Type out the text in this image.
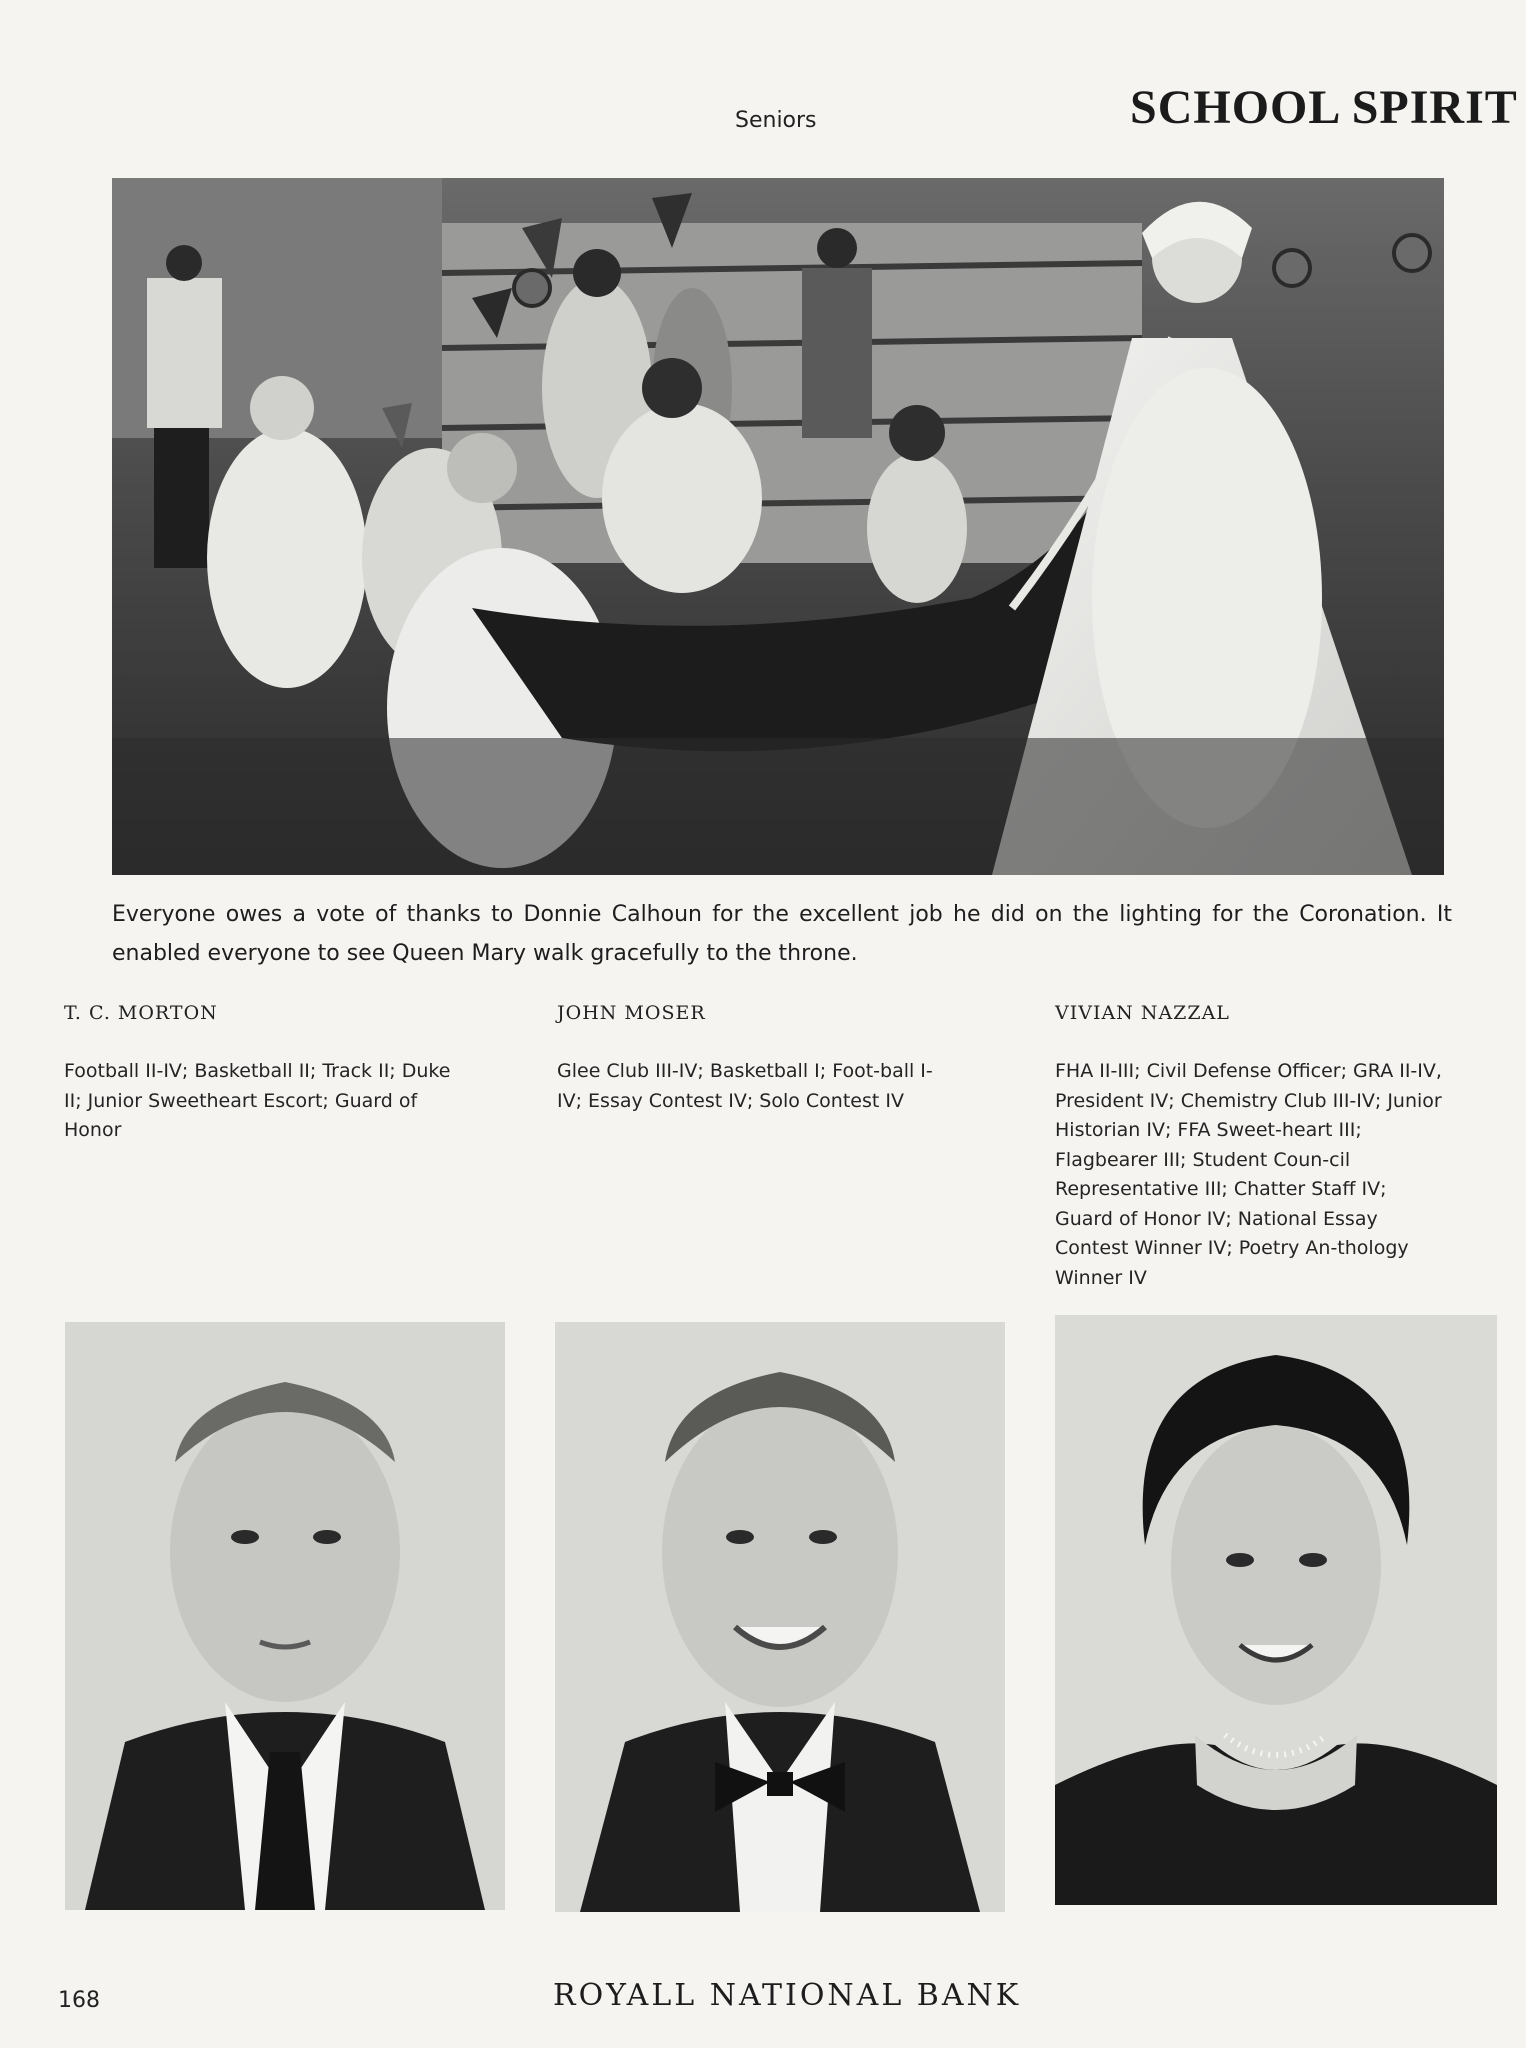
Seniors	SCHOOL SPIRIT
Everyone owes a vote of thanks to Donnie Calhoun for the excellent job he did on the lighting for the Coronation. It enabled everyone to see Queen Mary walk gracefully to the throne.
T. C. MORTON
Football II-IV; Basketball II; Track II; Duke II; Junior Sweetheart Escort; Guard of Honor
JOHN MOSER
Glee Club III-IV; Basketball I; Foot-ball I-IV; Essay Contest IV; Solo Contest IV
VIVIAN NAZZAL
FHA II-III; Civil Defense Officer; GRA II-IV, President IV; Chemistry Club III-IV; Junior Historian IV; FFA Sweet-heart III; Flagbearer III; Student Coun-cil Representative III; Chatter Staff IV; Guard of Honor IV; National Essay Contest Winner IV; Poetry An-thology Winner IV
168	ROYALL NATIONAL BANK
